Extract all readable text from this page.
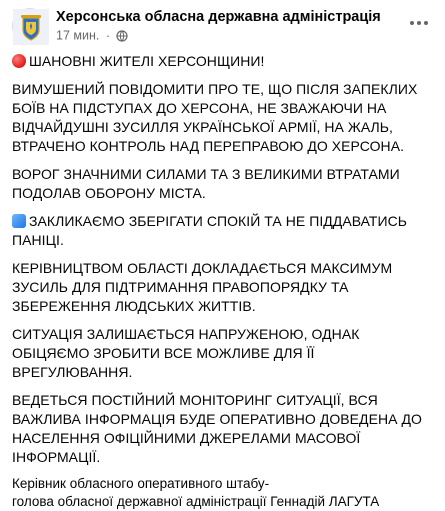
Херсонська обласна державна адміністрація
17 мин. ·

ШАНОВНІ ЖИТЕЛІ ХЕРСОНЩИНИ!

ВИМУШЕНИЙ ПОВІДОМИТИ ПРО ТЕ, ЩО ПІСЛЯ ЗАПЕКЛИХ БОЇВ НА ПІДСТУПАХ ДО ХЕРСОНА, НЕ ЗВАЖАЮЧИ НА ВІДЧАЙДУШНІ ЗУСИЛЛЯ УКРАЇНСЬКОЇ АРМІЇ, НА ЖАЛЬ, ВТРАЧЕНО КОНТРОЛЬ НАД ПЕРЕПРАВОЮ ДО ХЕРСОНА.

ВОРОГ ЗНАЧНИМИ СИЛАМИ ТА З ВЕЛИКИМИ ВТРАТАМИ ПОДОЛАВ ОБОРОНУ МІСТА.

ЗАКЛИКАЄМО ЗБЕРІГАТИ СПОКІЙ ТА НЕ ПІДДАВАТИСЬ ПАНІЦІ.

КЕРІВНИЦТВОМ ОБЛАСТІ ДОКЛАДАЄТЬСЯ МАКСИМУМ ЗУСИЛЬ ДЛЯ ПІДТРИМАННЯ ПРАВОПОРЯДКУ ТА ЗБЕРЕЖЕННЯ ЛЮДСЬКИХ ЖИТТІВ.

СИТУАЦІЯ ЗАЛИШАЄТЬСЯ НАПРУЖЕНОЮ, ОДНАК ОБІЦЯЄМО ЗРОБИТИ ВСЕ МОЖЛИВЕ ДЛЯ ЇЇ ВРЕГУЛЮВАННЯ.

ВЕДЕТЬСЯ ПОСТІЙНИЙ МОНІТОРИНГ СИТУАЦІЇ, ВСЯ ВАЖЛИВА ІНФОРМАЦІЯ БУДЕ ОПЕРАТИВНО ДОВЕДЕНА ДО НАСЕЛЕННЯ ОФІЦІЙНИМИ ДЖЕРЕЛАМИ МАСОВОЇ ІНФОРМАЦІЇ.

Керівник обласного оперативного штабу-
голова обласної державної адміністрації Геннадій ЛАГУТА
